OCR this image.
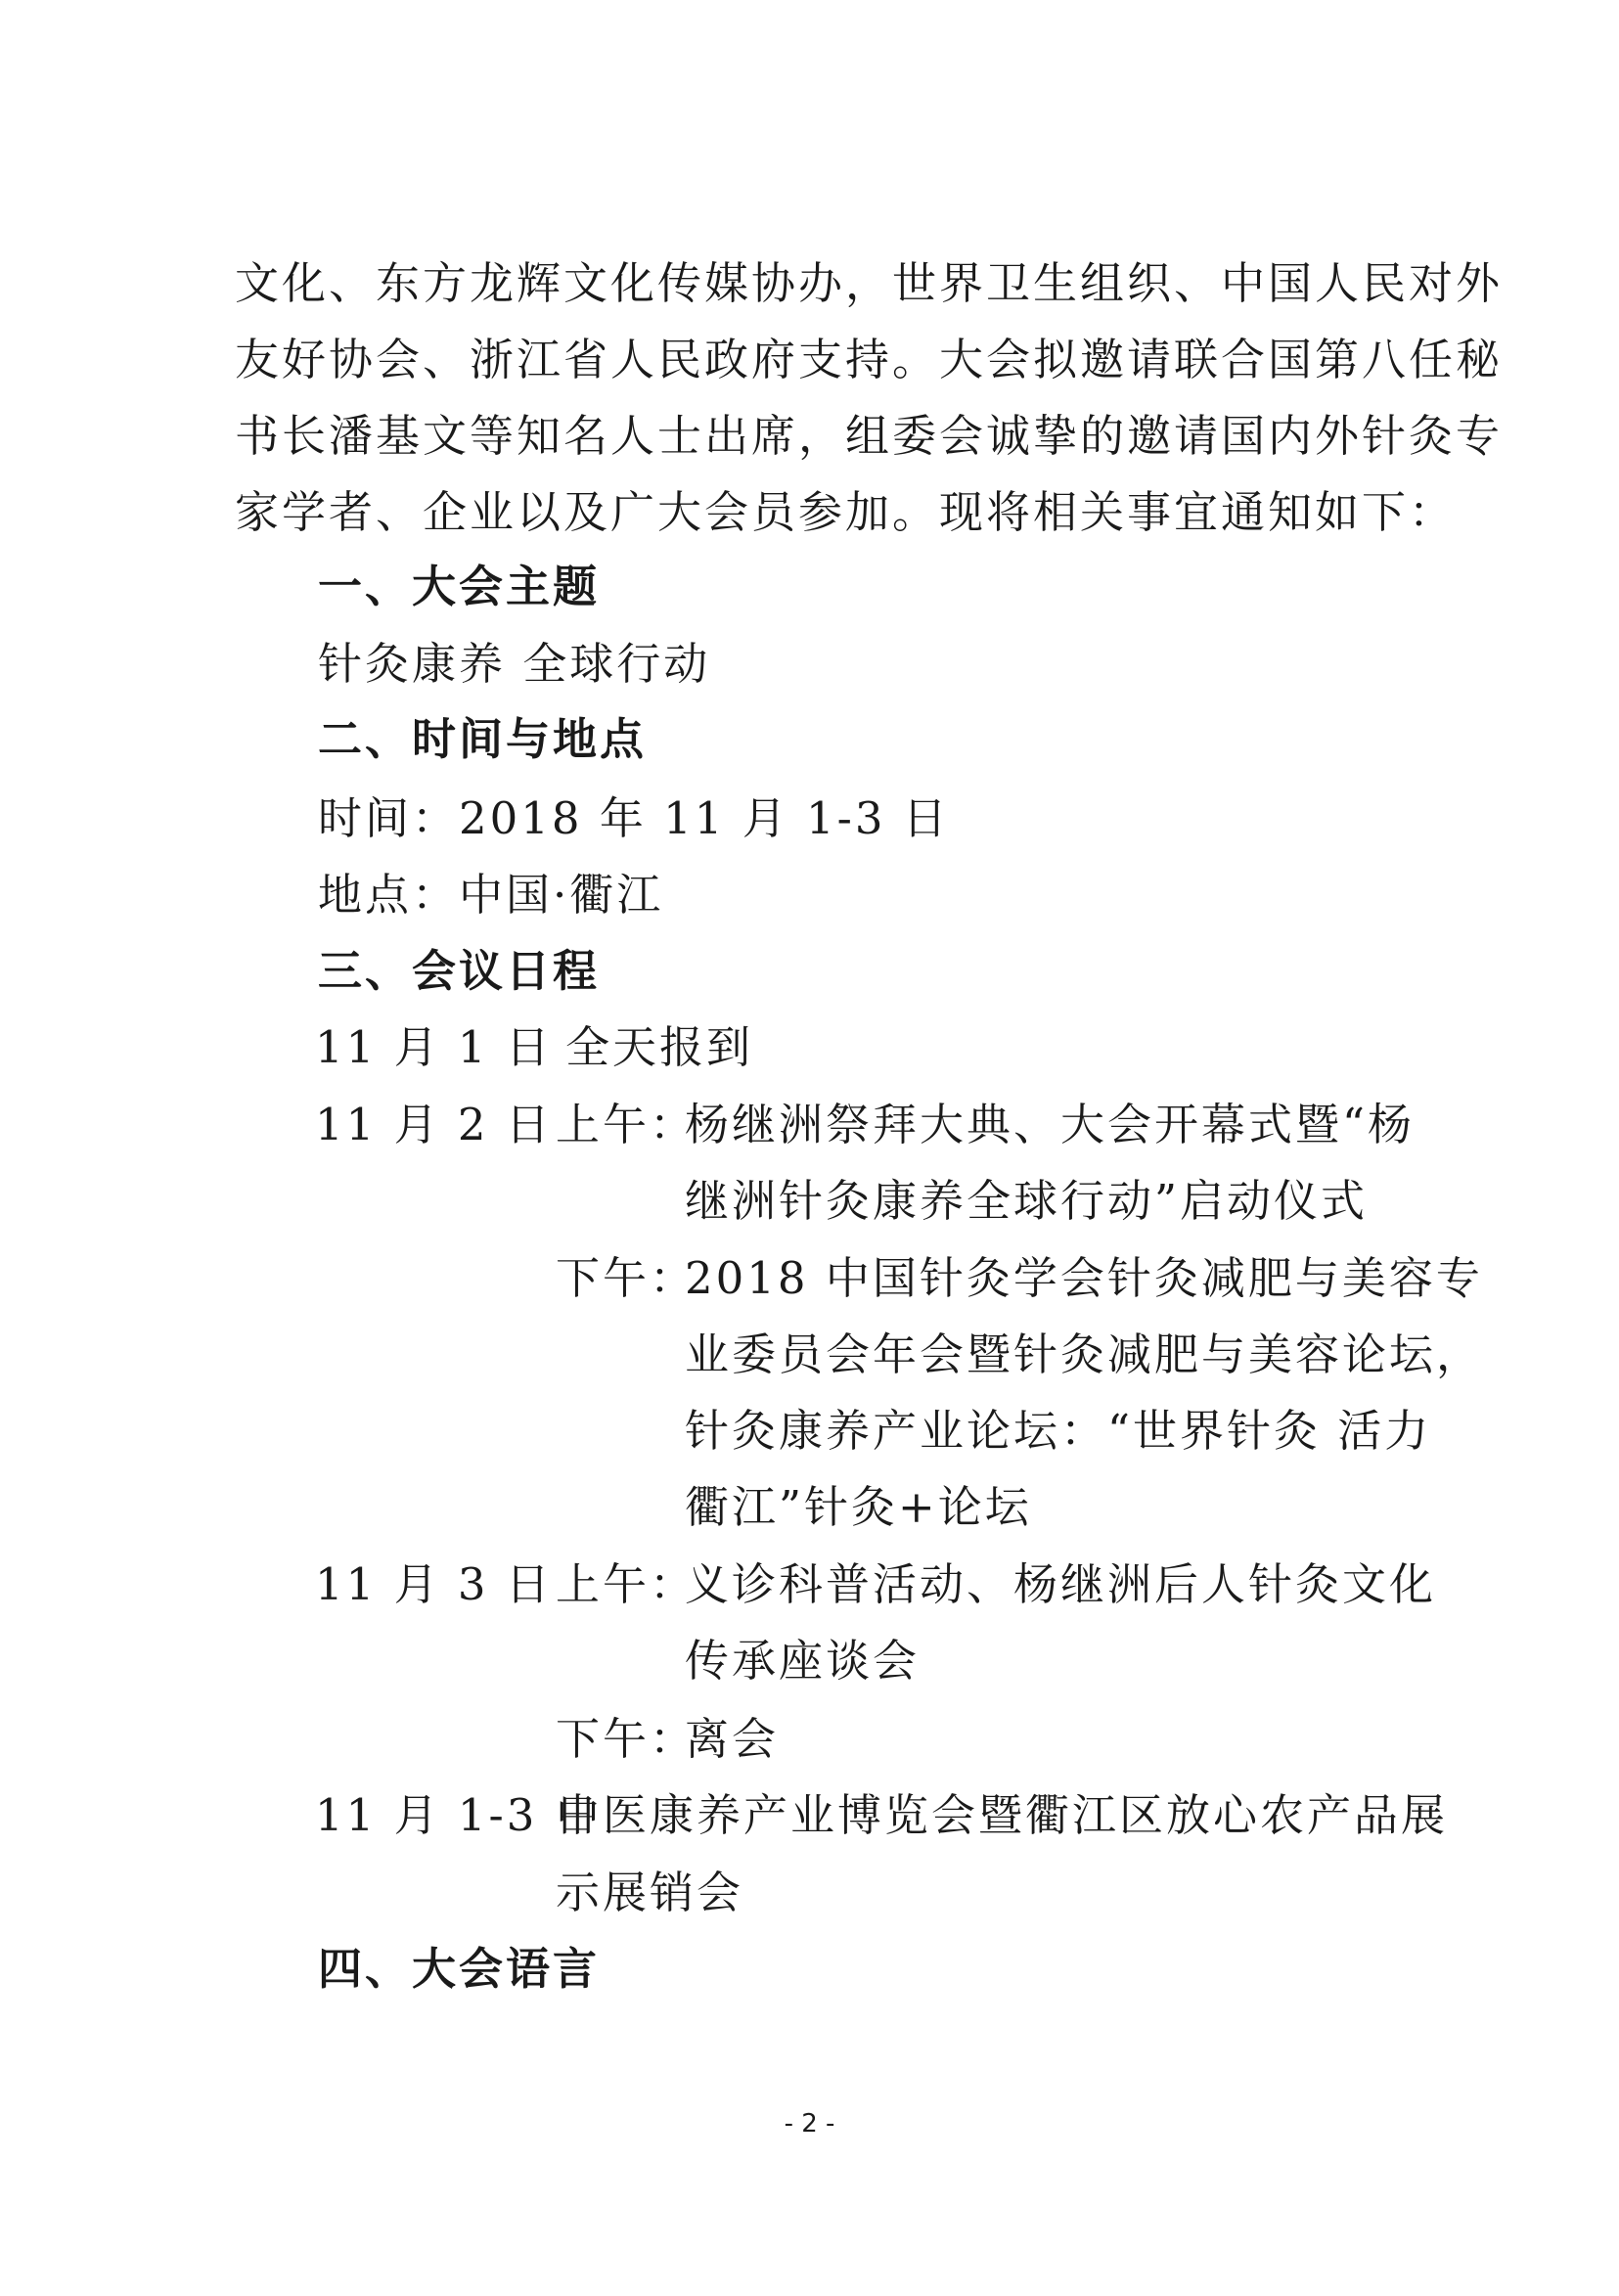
文化、东方龙辉文化传媒协办，世界卫生组织、中国人民对外
友好协会、浙江省人民政府支持。大会拟邀请联合国第八任秘
书长潘基文等知名人士出席，组委会诚挚的邀请国内外针灸专
家学者、企业以及广大会员参加。现将相关事宜通知如下：
一、大会主题
针灸康养 全球行动
二、时间与地点
时间：2018 年 11 月 1-3 日
地点：中国·衢江
三、会议日程
11 月 1 日 全天报到
11 月 2 日 上午：
杨继洲祭拜大典、大会开幕式暨“杨
继洲针灸康养全球行动”启动仪式
下午：
2018 中国针灸学会针灸减肥与美容专
业委员会年会暨针灸减肥与美容论坛，
针灸康养产业论坛：“世界针灸 活力
衢江”针灸+论坛
11 月 3 日 上午：
义诊科普活动、杨继洲后人针灸文化
传承座谈会
下午：
离会
11 月 1-3 日
中医康养产业博览会暨衢江区放心农产品展
示展销会
四、大会语言
- 2 -
